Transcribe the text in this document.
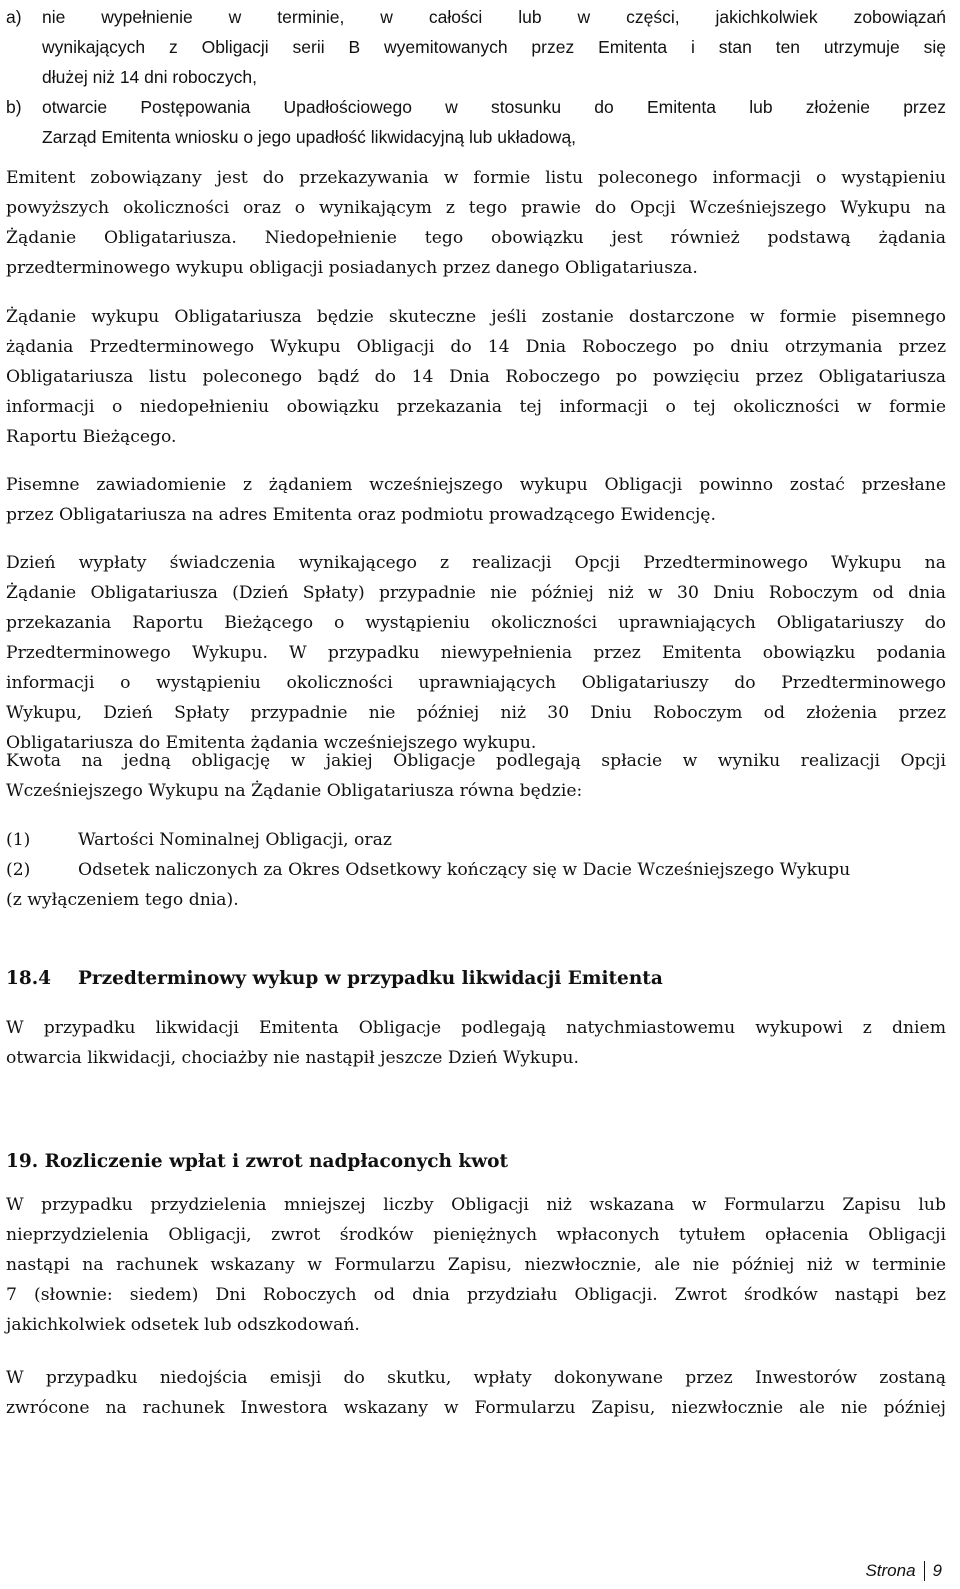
a)	nie wypełnienie w terminie, w całości lub w części, jakichkolwiek zobowiązań
wynikających z Obligacji serii B wyemitowanych przez Emitenta i stan ten utrzymuje się
dłużej niż 14 dni roboczych,
b)	otwarcie Postępowania Upadłościowego w stosunku do Emitenta lub złożenie przez
Zarząd Emitenta wniosku o jego upadłość likwidacyjną lub układową,
Emitent zobowiązany jest do przekazywania w formie listu poleconego informacji o wystąpieniu
powyższych okoliczności oraz o wynikającym z tego prawie do Opcji Wcześniejszego Wykupu na
Żądanie Obligatariusza. Niedopełnienie tego obowiązku jest również podstawą żądania
przedterminowego wykupu obligacji posiadanych przez danego Obligatariusza.
Żądanie wykupu Obligatariusza będzie skuteczne jeśli zostanie dostarczone w formie pisemnego
żądania Przedterminowego Wykupu Obligacji do 14 Dnia Roboczego po dniu otrzymania przez
Obligatariusza listu poleconego bądź do 14 Dnia Roboczego po powzięciu przez Obligatariusza
informacji o niedopełnieniu obowiązku przekazania tej informacji o tej okoliczności w formie
Raportu Bieżącego.
Pisemne zawiadomienie z żądaniem wcześniejszego wykupu Obligacji powinno zostać przesłane
przez Obligatariusza na adres Emitenta oraz podmiotu prowadzącego Ewidencję.
Dzień wypłaty świadczenia wynikającego z realizacji Opcji Przedterminowego Wykupu na
Żądanie Obligatariusza (Dzień Spłaty) przypadnie nie później niż w 30 Dniu Roboczym od dnia
przekazania Raportu Bieżącego o wystąpieniu okoliczności uprawniających Obligatariuszy do
Przedterminowego Wykupu. W przypadku niewypełnienia przez Emitenta obowiązku podania
informacji o wystąpieniu okoliczności uprawniających Obligatariuszy do Przedterminowego
Wykupu, Dzień Spłaty przypadnie nie później niż 30 Dniu Roboczym od złożenia przez
Obligatariusza do Emitenta żądania wcześniejszego wykupu.
Kwota na jedną obligację w jakiej Obligacje podlegają spłacie w wyniku realizacji Opcji
Wcześniejszego Wykupu na Żądanie Obligatariusza równa będzie:
(1)	Wartości Nominalnej Obligacji, oraz
(2)	Odsetek naliczonych za Okres Odsetkowy kończący się w Dacie Wcześniejszego Wykupu
(z wyłączeniem tego dnia).
18.4 Przedterminowy wykup w przypadku likwidacji Emitenta
W przypadku likwidacji Emitenta Obligacje podlegają natychmiastowemu wykupowi z dniem
otwarcia likwidacji, chociażby nie nastąpił jeszcze Dzień Wykupu.
19. Rozliczenie wpłat i zwrot nadpłaconych kwot
W przypadku przydzielenia mniejszej liczby Obligacji niż wskazana w Formularzu Zapisu lub
nieprzydzielenia Obligacji, zwrot środków pieniężnych wpłaconych tytułem opłacenia Obligacji
nastąpi na rachunek wskazany w Formularzu Zapisu, niezwłocznie, ale nie później niż w terminie
7 (słownie: siedem) Dni Roboczych od dnia przydziału Obligacji. Zwrot środków nastąpi bez
jakichkolwiek odsetek lub odszkodowań.
W przypadku niedojścia emisji do skutku, wpłaty dokonywane przez Inwestorów zostaną
zwrócone na rachunek Inwestora wskazany w Formularzu Zapisu, niezwłocznie ale nie później
Strona 9
